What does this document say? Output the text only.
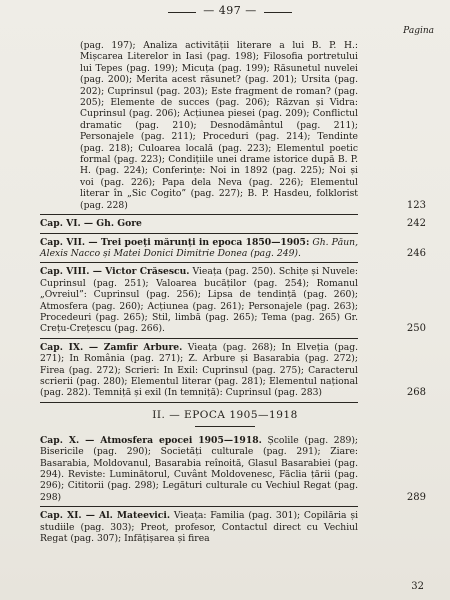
— 497 —
Pagina
(pag. 197); Analiza activității literare a lui B. P. H.: Mișcarea Literelor in Iasi (pag. 198); Filosofia portretului lui Tepes (pag. 199); Micuța (pag. 199); Răsunetul nuvelei (pag. 200); Merita acest răsunet? (pag. 201); Ursita (pag. 202); Cuprinsul (pag. 203); Este fragment de roman? (pag. 205); Elemente de succes (pag. 206); Răzvan și Vidra: Cuprinsul (pag. 206); Acțiunea piesei (pag. 209); Conflictul dramatic (pag. 210); Desnodământul (pag. 211); Personajele (pag. 211); Proceduri (pag. 214); Tendinte (pag. 218); Culoarea locală (pag. 223); Elementul poetic formal (pag. 223); Condițiile unei drame istorice după B. P. H. (pag. 224); Conferințe: Noi in 1892 (pag. 225); Noi și voi (pag. 226); Papa dela Neva (pag. 226); Elementul literar în „Sic Cogito” (pag. 227); B. P. Hasdeu, folklorist (pag. 228)	123
Cap. VI. — Gh. Gore	242
Cap. VII. — Trei poeți mărunți in epoca 1850—1905: Gh. Păun, Alexis Nacco și Matei Donici Dimitrie Donea (pag. 249).	246
Cap. VIII. — Victor Crăsescu. Vieața (pag. 250). Schițe și Nuvele: Cuprinsul (pag. 251); Valoarea bucăților (pag. 254); Romanul „Ovreiul”: Cuprinsul (pag. 256); Lipsa de tendință (pag. 260); Atmosfera (pag. 260); Acțiunea (pag. 261); Personajele (pag. 263); Procedeuri (pag. 265); Stil, limbă (pag. 265); Tema (pag. 265) Gr. Crețu-Crețescu (pag. 266).	250
Cap. IX. — Zamfir Arbure. Vieața (pag. 268); In Elveția (pag. 271); In România (pag. 271); Z. Arbure și Basarabia (pag. 272); Firea (pag. 272); Scrieri: In Exil: Cuprinsul (pag. 275); Caracterul scrierii (pag. 280); Elementul literar (pag. 281); Elementul național (pag. 282). Temniță și exil (In temniță): Cuprinsul (pag. 283)	268
II. — EPOCA 1905—1918
Cap. X. — Atmosfera epocei 1905—1918. Școlile (pag. 289); Bisericile (pag. 290); Societăți culturale (pag. 291); Ziare: Basarabia, Moldovanul, Basarabia reînoită, Glasul Basarabiei (pag. 294). Reviste: Luminătorul, Cuvânt Moldovenesc, Făclia țării (pag. 296); Cititorii (pag. 298); Legături culturale cu Vechiul Regat (pag. 298)	289
Cap. XI. — Al. Mateevici. Vieața: Familia (pag. 301); Copilăria și studiile (pag. 303); Preot, profesor, Contactul direct cu Vechiul Regat (pag. 307); Infățișarea și firea
32
